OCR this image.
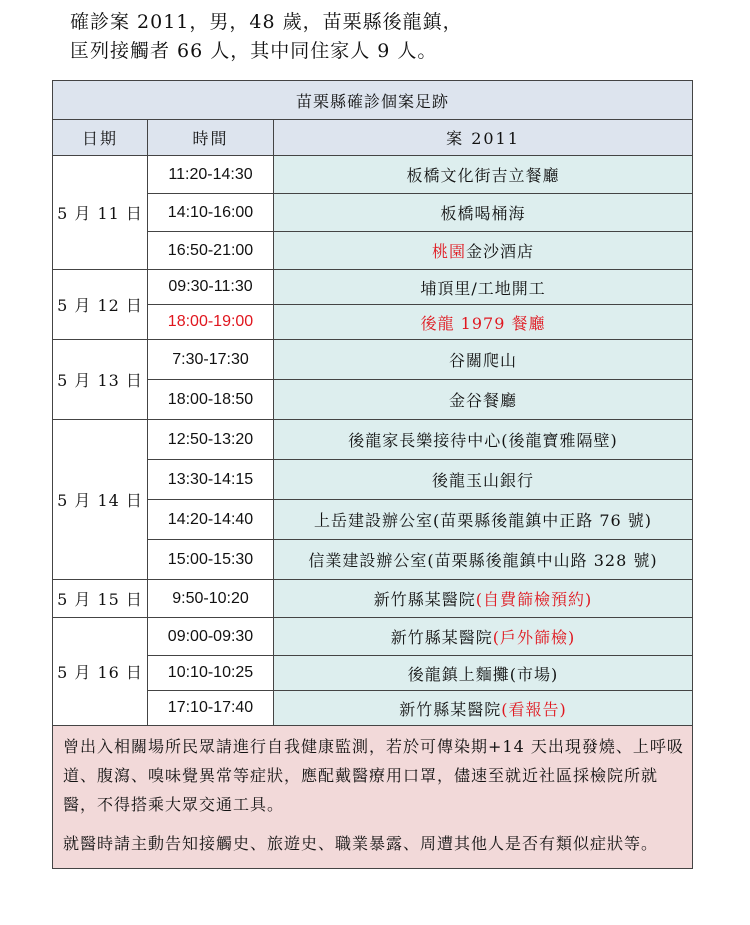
確診案 2011，男，48 歲，苗栗縣後龍鎮，
匡列接觸者 66 人，其中同住家人 9 人。
苗栗縣確診個案足跡		
日期	時間	案 2011
5 月 11 日	11:20-14:30	板橋文化街吉立餐廳
	14:10-16:00	板橋喝桶海
	16:50-21:00	桃園金沙酒店
5 月 12 日	09:30-11:30	埔頂里/工地開工
	18:00-19:00	後龍 1979 餐廳
5 月 13 日	7:30-17:30	谷關爬山
	18:00-18:50	金谷餐廳
5 月 14 日	12:50-13:20	後龍家長樂接待中心(後龍寶雅隔壁)
	13:30-14:15	後龍玉山銀行
	14:20-14:40	上岳建設辦公室(苗栗縣後龍鎮中正路 76 號)
	15:00-15:30	信業建設辦公室(苗栗縣後龍鎮中山路 328 號)
5 月 15 日	9:50-10:20	新竹縣某醫院(自費篩檢預約)
5 月 16 日	09:00-09:30	新竹縣某醫院(戶外篩檢)
	10:10-10:25	後龍鎮上麵攤(市場)
	17:10-17:40	新竹縣某醫院(看報告)

曾出入相關場所民眾請進行自我健康監測，若於可傳染期+14 天出現發燒、上呼吸道、腹瀉、嗅味覺異常等症狀，應配戴醫療用口罩，儘速至就近社區採檢院所就醫，不得搭乘大眾交通工具。

就醫時請主動告知接觸史、旅遊史、職業暴露、周遭其他人是否有類似症狀等。		
